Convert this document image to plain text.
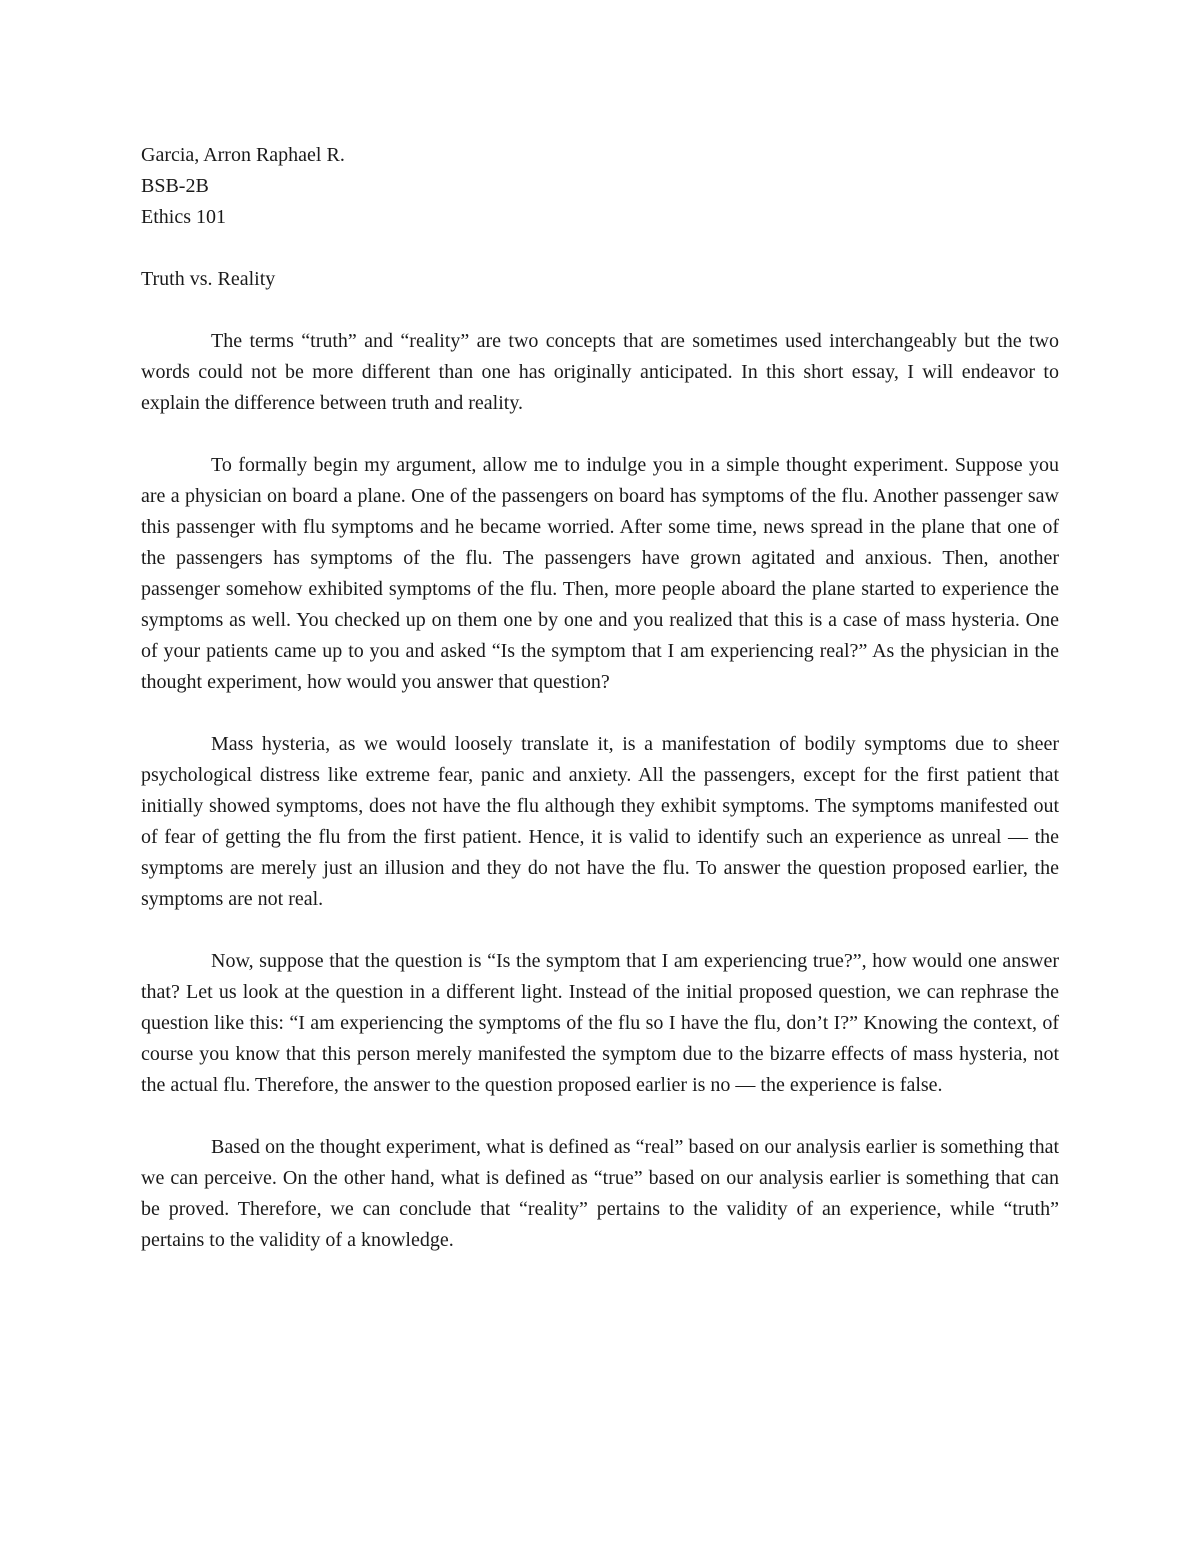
Garcia, Arron Raphael R.

BSB-2B

Ethics 101

Truth vs. Reality

The terms “truth” and “reality” are two concepts that are sometimes used interchangeably but the two words could not be more different than one has originally anticipated. In this short essay, I will endeavor to explain the difference between truth and reality.

To formally begin my argument, allow me to indulge you in a simple thought experiment. Suppose you are a physician on board a plane. One of the passengers on board has symptoms of the flu. Another passenger saw this passenger with flu symptoms and he became worried. After some time, news spread in the plane that one of the passengers has symptoms of the flu. The passengers have grown agitated and anxious. Then, another passenger somehow exhibited symptoms of the flu. Then, more people aboard the plane started to experience the symptoms as well. You checked up on them one by one and you realized that this is a case of mass hysteria. One of your patients came up to you and asked “Is the symptom that I am experiencing real?” As the physician in the thought experiment, how would you answer that question?

Mass hysteria, as we would loosely translate it, is a manifestation of bodily symptoms due to sheer psychological distress like extreme fear, panic and anxiety. All the passengers, except for the first patient that initially showed symptoms, does not have the flu although they exhibit symptoms. The symptoms manifested out of fear of getting the flu from the first patient. Hence, it is valid to identify such an experience as unreal — the symptoms are merely just an illusion and they do not have the flu. To answer the question proposed earlier, the symptoms are not real.

Now, suppose that the question is “Is the symptom that I am experiencing true?”, how would one answer that? Let us look at the question in a different light. Instead of the initial proposed question, we can rephrase the question like this: “I am experiencing the symptoms of the flu so I have the flu, don’t I?” Knowing the context, of course you know that this person merely manifested the symptom due to the bizarre effects of mass hysteria, not the actual flu. Therefore, the answer to the question proposed earlier is no — the experience is false.

Based on the thought experiment, what is defined as “real” based on our analysis earlier is something that we can perceive. On the other hand, what is defined as “true” based on our analysis earlier is something that can be proved. Therefore, we can conclude that “reality” pertains to the validity of an experience, while “truth” pertains to the validity of a knowledge.
